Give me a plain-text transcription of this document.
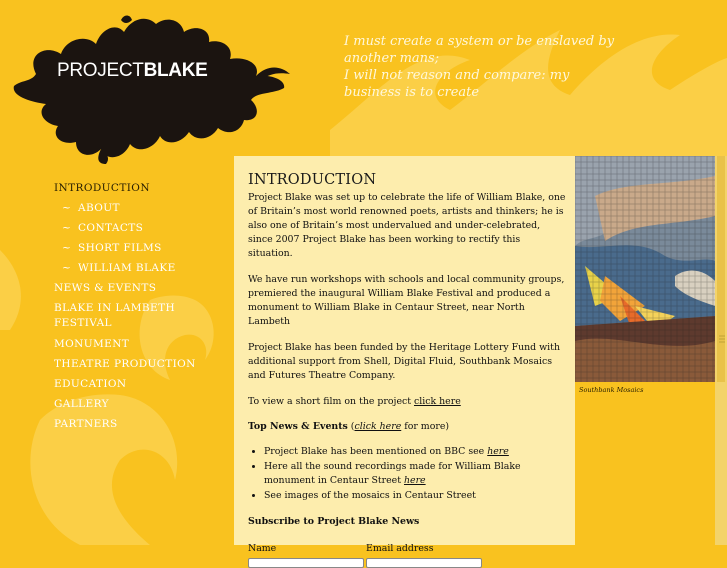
PROJECTBLAKE
I must create a system or be enslaved by
another mans;
I will not reason and compare: my
business is to create
INTRODUCTION
~ ABOUT
~ CONTACTS
~ SHORT FILMS
~ WILLIAM BLAKE
NEWS & EVENTS
BLAKE IN LAMBETH
FESTIVAL
MONUMENT
THEATRE PRODUCTION
EDUCATION
GALLERY
PARTNERS
INTRODUCTION

Project Blake was set up to celebrate the life of William Blake, one of Britain’s most world renowned poets, artists and thinkers; he is also one of Britain’s most undervalued and under-celebrated, since 2007 Project Blake has been working to rectify this situation.

We have run workshops with schools and local community groups, premiered the inaugural William Blake Festival and produced a monument to William Blake in Centaur Street, near North Lambeth

Project Blake has been funded by the Heritage Lottery Fund with additional support from Shell, Digital Fluid, Southbank Mosaics and Futures Theatre Company.

To view a short film on the project click here

Top News & Events (click here for more)

• Project Blake has been mentioned on BBC see here
• Here all the sound recordings made for William Blake monument in Centaur Street here
• See images of the mosaics in Centaur Street

Subscribe to Project Blake News

Name	Email address
Southbank Mosaics
